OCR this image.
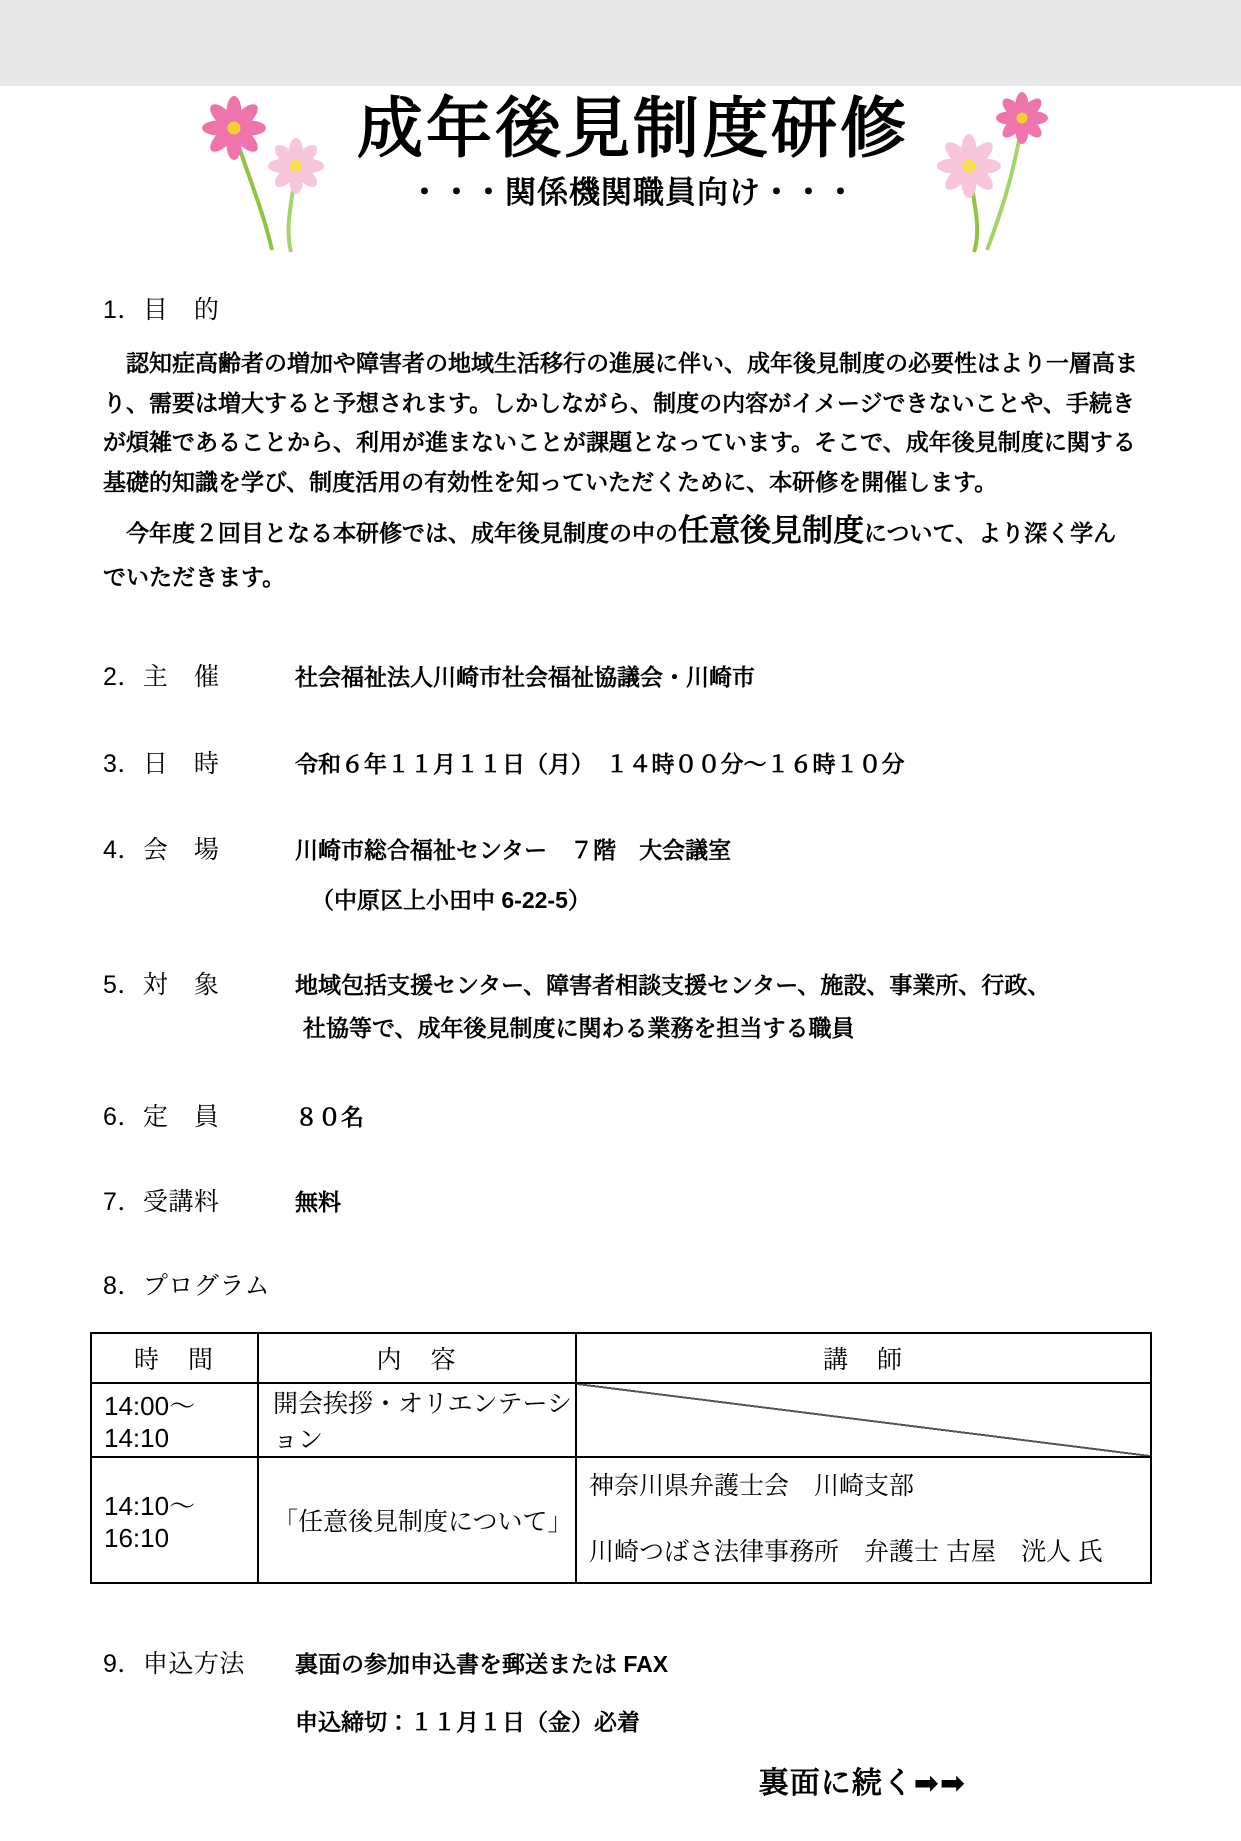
成年後見制度研修
・・・関係機関職員向け・・・
1．目　的

認知症高齢者の増加や障害者の地域生活移行の進展に伴い、成年後見制度の必要性はより一層高まり、需要は増大すると予想されます。しかしながら、制度の内容がイメージできないことや、手続きが煩雑であることから、利用が進まないことが課題となっています。そこで、成年後見制度に関する基礎的知識を学び、制度活用の有効性を知っていただくために、本研修を開催します。

今年度２回目となる本研修では、成年後見制度の中の任意後見制度について、より深く学んでいただきます。

2．主　催	社会福祉法人川崎市社会福祉協議会・川崎市
3．日　時	令和６年１１月１１日（月）　１４時００分～１６時１０分
4．会　場	川崎市総合福祉センター　７階　大会議室
（中原区上小田中 6-22-5）
5．対　象	地域包括支援センター、障害者相談支援センター、施設、事業所、行政、
社協等で、成年後見制度に関わる業務を担当する職員
6．定　員	８０名
7．受講料	無料
8．プログラム
時　間	内　容	講　師
14:00～14:10	開会挨拶・オリエンテーション	

14:10～16:10	「任意後見制度について」	神奈川県弁護士会　川崎支部
川崎つばさ法律事務所　弁護士 古屋　洸人 氏
9．申込方法	裏面の参加申込書を郵送または FAX
申込締切：１１月１日（金）必着
裏面に続く➡➡
